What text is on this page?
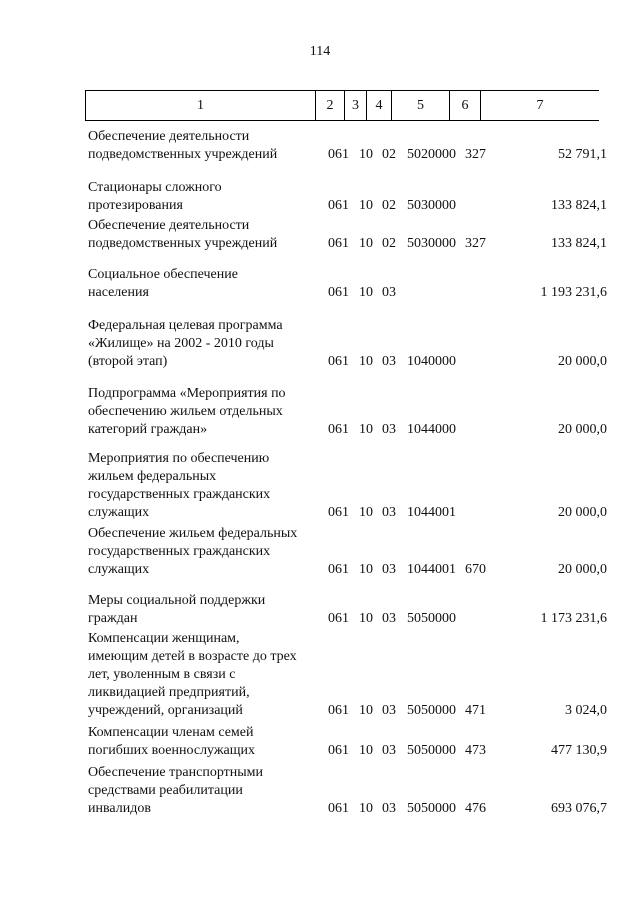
114
1	2	3	4	5	6	7
Обеспечение деятельности
подведомственных учреждений	061 10 02 5020000 327	52 791,1
Стационары сложного
протезирования	061 10 02 5030000	133 824,1
Обеспечение деятельности
подведомственных учреждений	061 10 02 5030000 327	133 824,1
Социальное обеспечение
населения	061 10 03	1 193 231,6
Федеральная целевая программа
«Жилище» на 2002 - 2010 годы
(второй этап)	061 10 03 1040000	20 000,0
Подпрограмма «Мероприятия по
обеспечению жильем отдельных
категорий граждан»	061 10 03 1044000	20 000,0
Мероприятия по обеспечению
жильем федеральных
государственных гражданских
служащих	061 10 03 1044001	20 000,0
Обеспечение жильем федеральных
государственных гражданских
служащих	061 10 03 1044001 670	20 000,0
Меры социальной поддержки
граждан	061 10 03 5050000	1 173 231,6
Компенсации женщинам,
имеющим детей в возрасте до трех
лет, уволенным в связи с
ликвидацией предприятий,
учреждений, организаций	061 10 03 5050000 471	3 024,0
Компенсации членам семей
погибших военнослужащих	061 10 03 5050000 473	477 130,9
Обеспечение транспортными
средствами реабилитации
инвалидов	061 10 03 5050000 476	693 076,7
